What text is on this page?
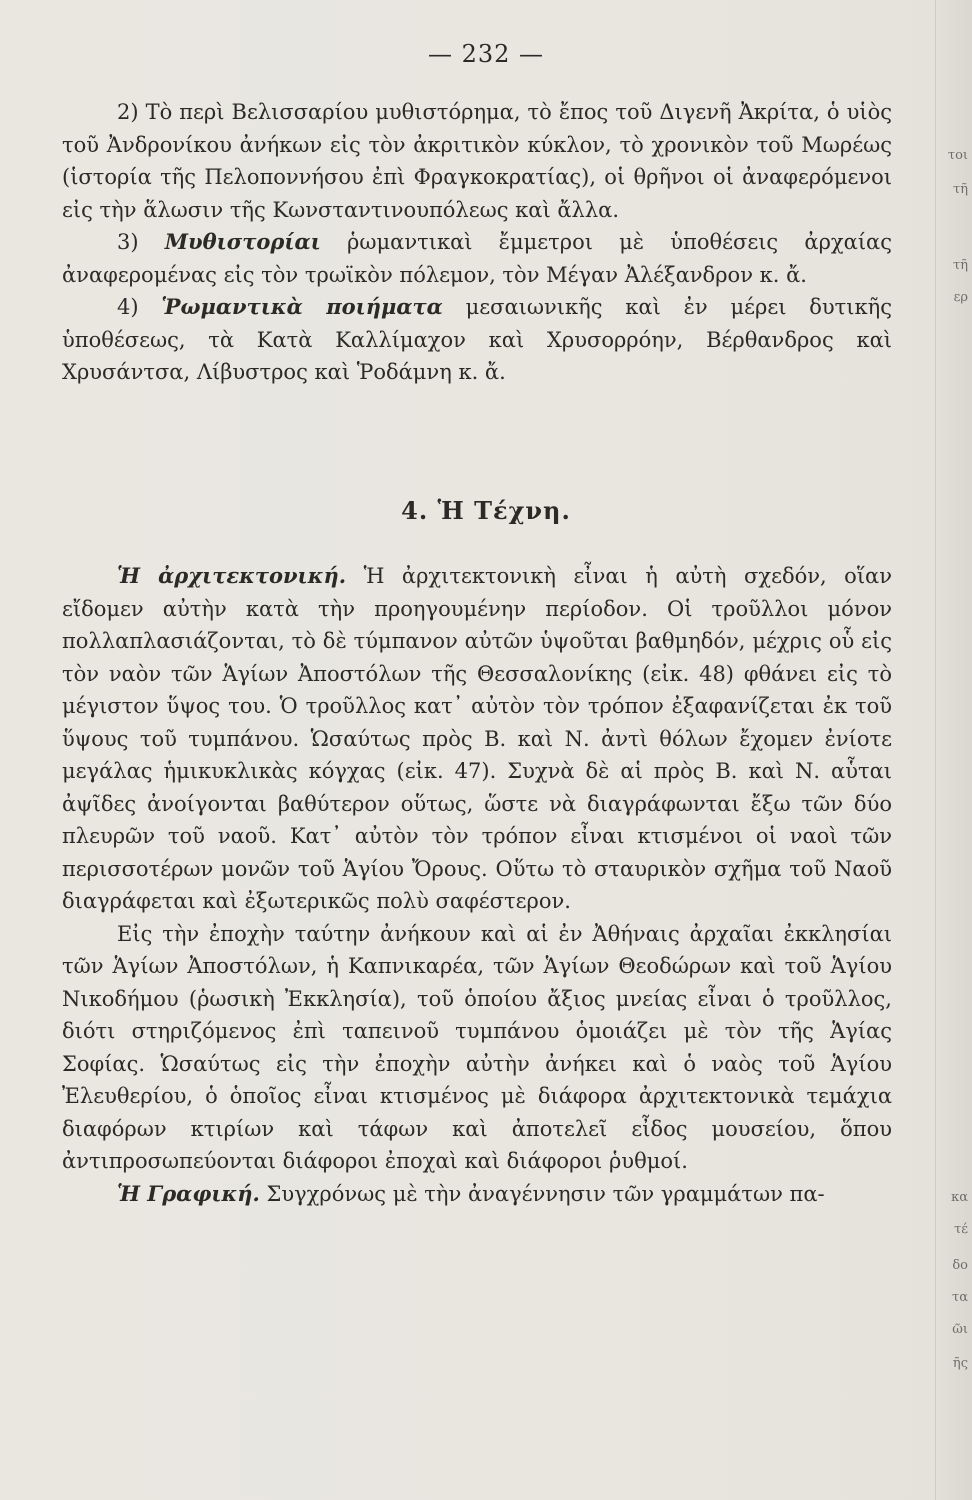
— 232 —

2) Τὸ περὶ Βελισσαρίου μυθιστόρημα, τὸ ἔπος τοῦ Διγενῆ Ἀκρίτα, ὁ υἱὸς τοῦ Ἀνδρονίκου ἀνήκων εἰς τὸν ἀκριτικὸν κύκλον, τὸ χρονικὸν τοῦ Μωρέως (ἱστορία τῆς Πελοποννήσου ἐπὶ Φραγκοκρατίας), οἱ θρῆνοι οἱ ἀναφερόμενοι εἰς τὴν ἅλωσιν τῆς Κωνσταντινουπόλεως καὶ ἄλλα.

3) Μυθιστορίαι ῥωμαντικαὶ ἔμμετροι μὲ ὑποθέσεις ἀρχαίας ἀναφερομένας εἰς τὸν τρωϊκὸν πόλεμον, τὸν Μέγαν Ἀλέξανδρον κ. ἄ.

4) Ῥωμαντικὰ ποιήματα μεσαιωνικῆς καὶ ἐν μέρει δυτικῆς ὑποθέσεως, τὰ Κατὰ Καλλίμαχον καὶ Χρυσορρόην, Βέρθανδρος καὶ Χρυσάντσα, Λίβυστρος καὶ Ῥοδάμνη κ. ἄ.

4. Ἡ Τέχνη.

Ἡ ἀρχιτεκτονική. Ἡ ἀρχιτεκτονικὴ εἶναι ἡ αὐτὴ σχεδόν, οἵαν εἴδομεν αὐτὴν κατὰ τὴν προηγουμένην περίοδον. Οἱ τροῦλλοι μόνον πολλαπλασιάζονται, τὸ δὲ τύμπανον αὐτῶν ὑψοῦται βαθμηδόν, μέχρις οὗ εἰς τὸν ναὸν τῶν Ἁγίων Ἀποστόλων τῆς Θεσσαλονίκης (εἰκ. 48) φθάνει εἰς τὸ μέγιστον ὕψος του. Ὁ τροῦλλος κατ᾿ αὐτὸν τὸν τρόπον ἐξαφανίζεται ἐκ τοῦ ὕψους τοῦ τυμπάνου. Ὡσαύτως πρὸς Β. καὶ Ν. ἀντὶ θόλων ἔχομεν ἐνίοτε μεγάλας ἡμικυκλικὰς κόγχας (εἰκ. 47). Συχνὰ δὲ αἱ πρὸς Β. καὶ Ν. αὗται ἀψῖδες ἀνοίγονται βαθύτερον οὕτως, ὥστε νὰ διαγράφωνται ἔξω τῶν δύο πλευρῶν τοῦ ναοῦ. Κατ᾿ αὐτὸν τὸν τρόπον εἶναι κτισμένοι οἱ ναοὶ τῶν περισσοτέρων μονῶν τοῦ Ἁγίου Ὄρους. Οὕτω τὸ σταυρικὸν σχῆμα τοῦ Ναοῦ διαγράφεται καὶ ἐξωτερικῶς πολὺ σαφέστερον.

Εἰς τὴν ἐποχὴν ταύτην ἀνήκουν καὶ αἱ ἐν Ἀθήναις ἀρχαῖαι ἐκκλησίαι τῶν Ἁγίων Ἀποστόλων, ἡ Καπνικαρέα, τῶν Ἁγίων Θεοδώρων καὶ τοῦ Ἁγίου Νικοδήμου (ῥωσικὴ Ἐκκλησία), τοῦ ὁποίου ἄξιος μνείας εἶναι ὁ τροῦλλος, διότι στηριζόμενος ἐπὶ ταπεινοῦ τυμπάνου ὁμοιάζει μὲ τὸν τῆς Ἁγίας Σοφίας. Ὡσαύτως εἰς τὴν ἐποχὴν αὐτὴν ἀνήκει καὶ ὁ ναὸς τοῦ Ἁγίου Ἐλευθερίου, ὁ ὁποῖος εἶναι κτισμένος μὲ διάφορα ἀρχιτεκτονικὰ τεμάχια διαφόρων κτιρίων καὶ τάφων καὶ ἀποτελεῖ εἶδος μουσείου, ὅπου ἀντιπροσωπεύονται διάφοροι ἐποχαὶ καὶ διάφοροι ῥυθμοί.

Ἡ Γραφική. Συγχρόνως μὲ τὴν ἀναγέννησιν τῶν γραμμάτων πα-

τοι
τῆ
τῆ
ερ
κα
τέ
δο
τα
ῶι
ῆς
